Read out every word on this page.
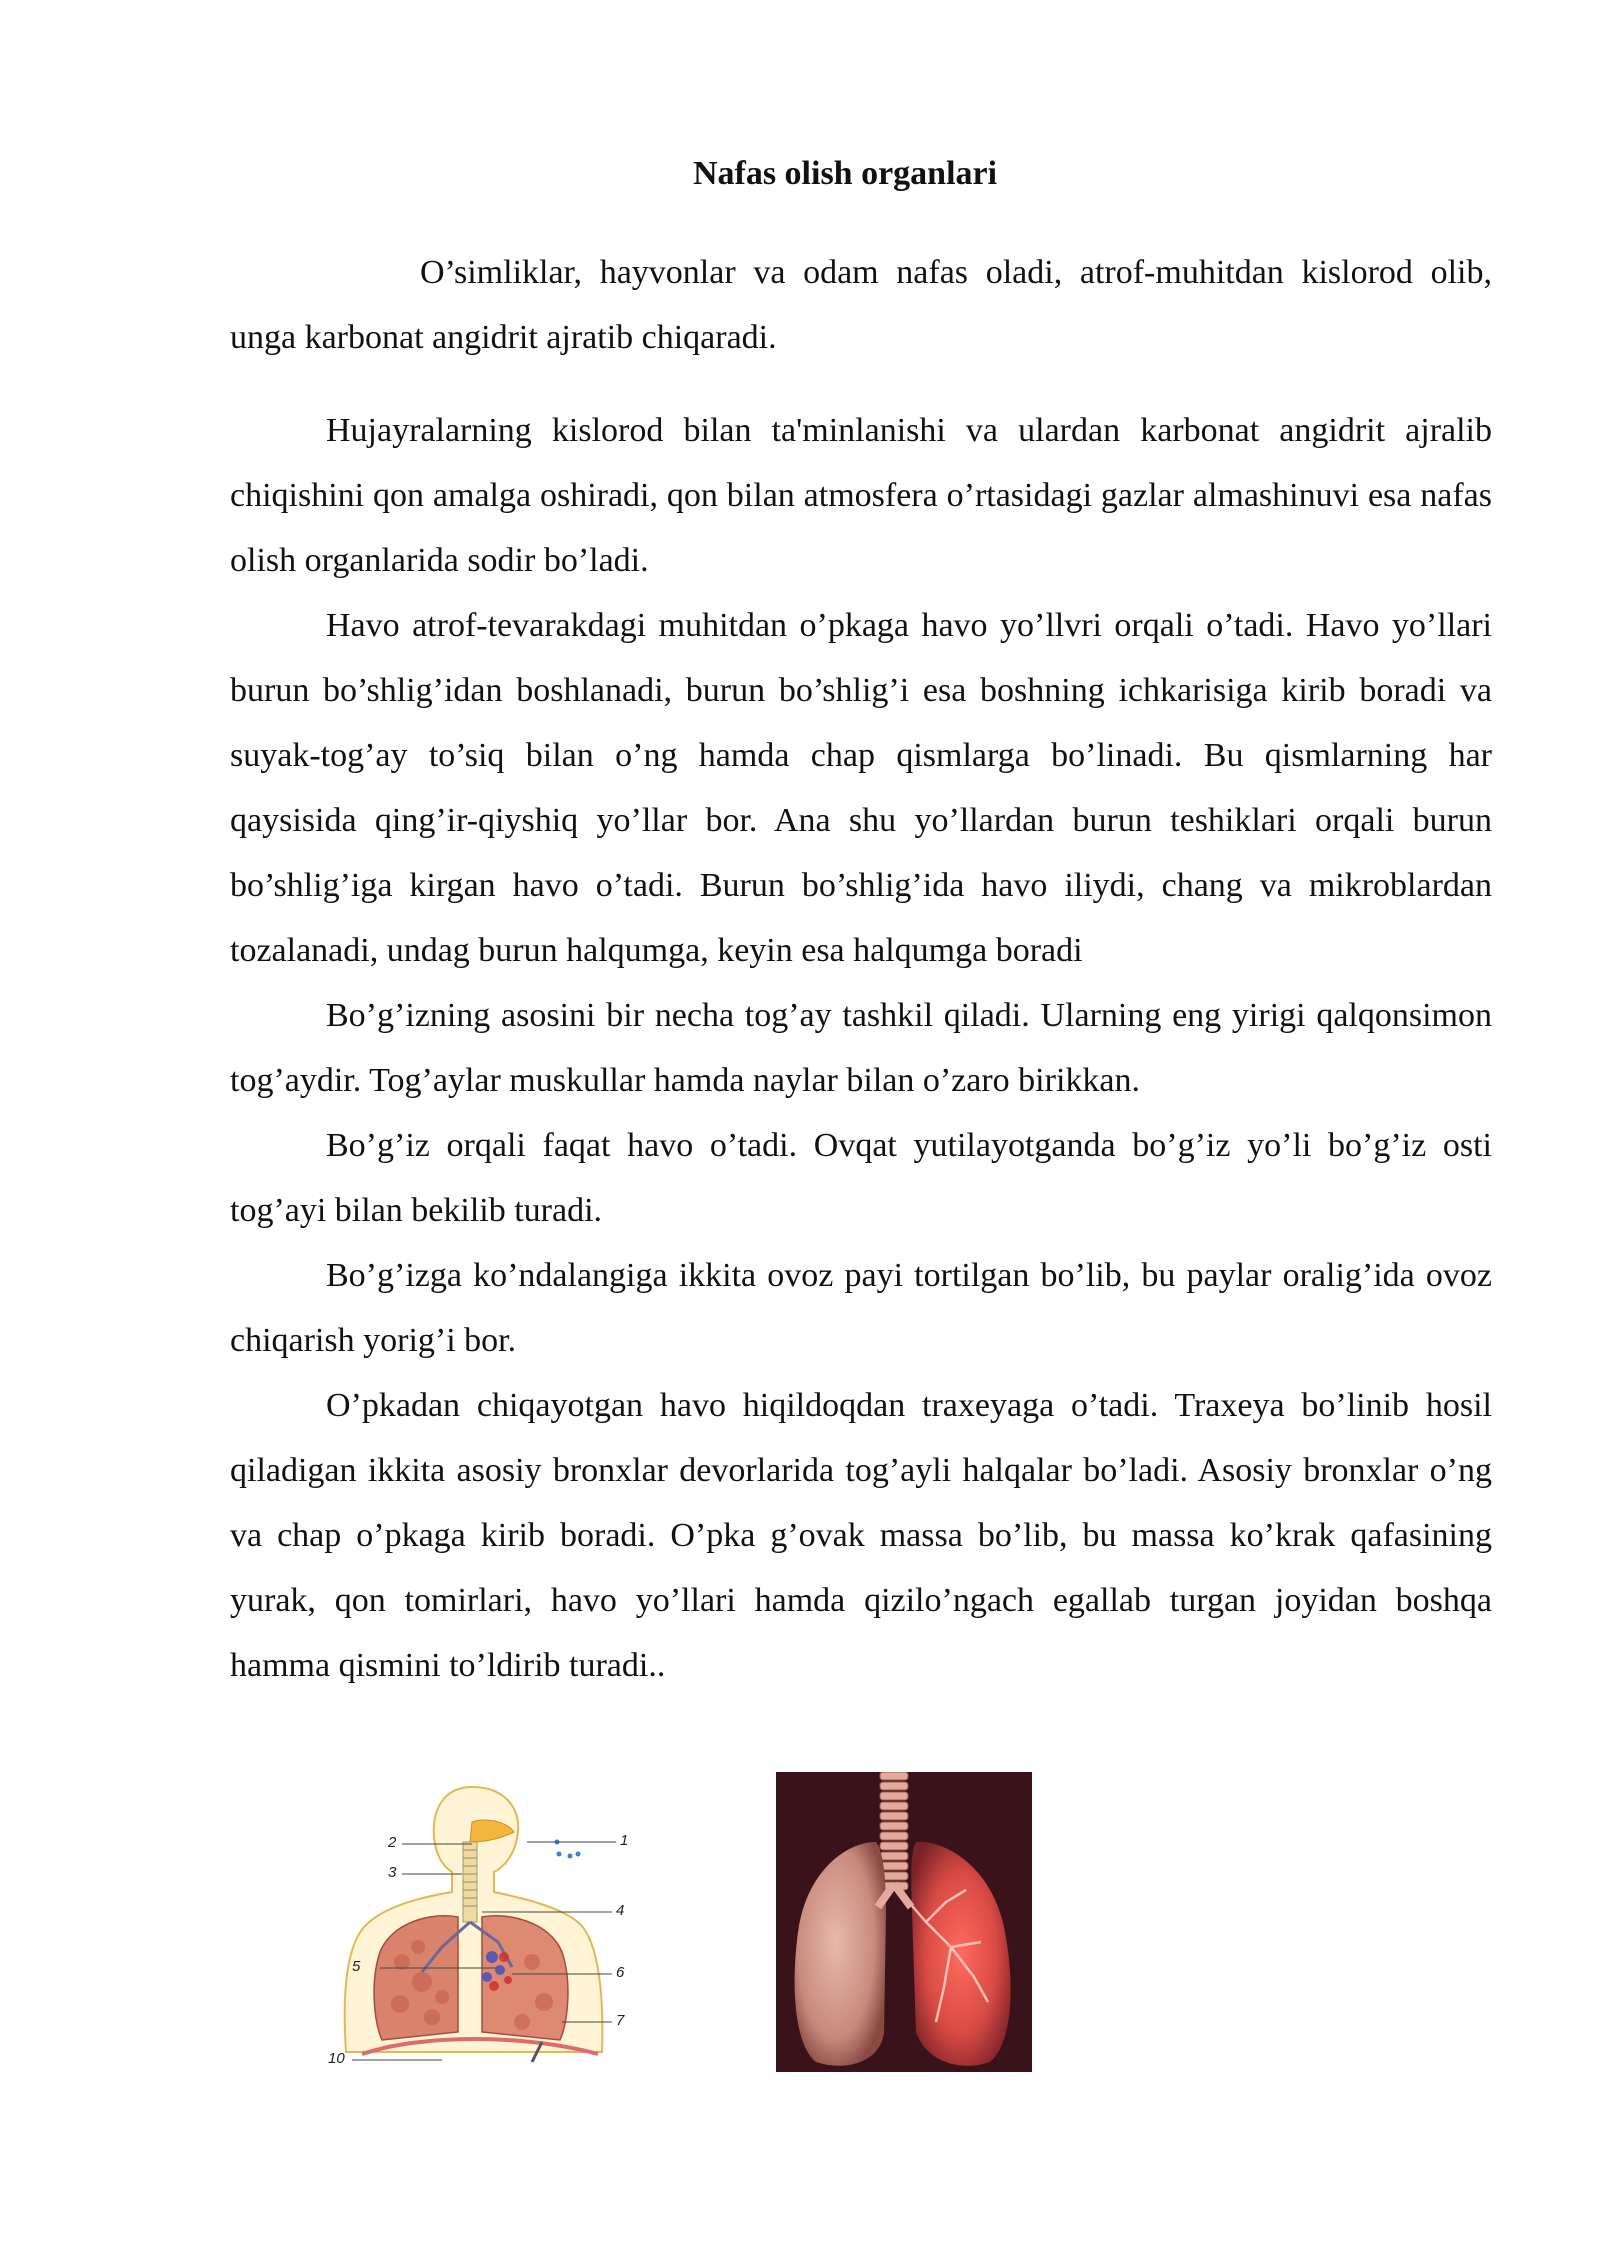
Nafas olish organlari

O’simliklar, hayvonlar va odam nafas oladi, atrof-muhitdan kislorod olib, unga karbonat angidrit ajratib chiqaradi.

Hujayralarning kislorod bilan ta'minlanishi va ulardan karbonat angidrit ajralib chiqishini qon amalga oshiradi, qon bilan atmosfera o’rtasidagi gazlar almashinuvi esa nafas olish organlarida sodir bo’ladi.

Havo atrof-tevarakdagi muhitdan o’pkaga havo yo’llvri orqali o’tadi. Havo yo’llari burun bo’shlig’idan boshlanadi, burun bo’shlig’i esa boshning ichkarisiga kirib boradi va suyak-tog’ay to’siq bilan o’ng hamda chap qismlarga bo’linadi. Bu qismlarning har qaysisida qing’ir-qiyshiq yo’llar bor. Ana shu yo’llardan burun teshiklari orqali burun bo’shlig’iga kirgan havo o’tadi. Burun bo’shlig’ida havo iliydi, chang va mikroblardan tozalanadi, undag burun halqumga, keyin esa halqumga boradi

Bo’g’izning asosini bir necha tog’ay tashkil qiladi. Ularning eng yirigi qalqonsimon tog’aydir. Tog’aylar muskullar hamda naylar bilan o’zaro birikkan.

Bo’g’iz orqali faqat havo o’tadi. Ovqat yutilayotganda bo’g’iz yo’li bo’g’iz osti tog’ayi bilan bekilib turadi.

Bo’g’izga ko’ndalangiga ikkita ovoz payi tortilgan bo’lib, bu paylar oralig’ida ovoz chiqarish yorig’i bor.

O’pkadan chiqayotgan havo hiqildoqdan traxeyaga o’tadi. Traxeya bo’linib hosil qiladigan ikkita asosiy bronxlar devorlarida tog’ayli halqalar bo’ladi. Asosiy bronxlar o’ng va chap o’pkaga kirib boradi. O’pka g’ovak massa bo’lib, bu massa ko’krak qafasining yurak, qon tomirlari, havo yo’llari hamda qizilo’ngach egallab turgan joyidan boshqa hamma qismini to’ldirib turadi..

1
2
3
4
5	6
7
10
